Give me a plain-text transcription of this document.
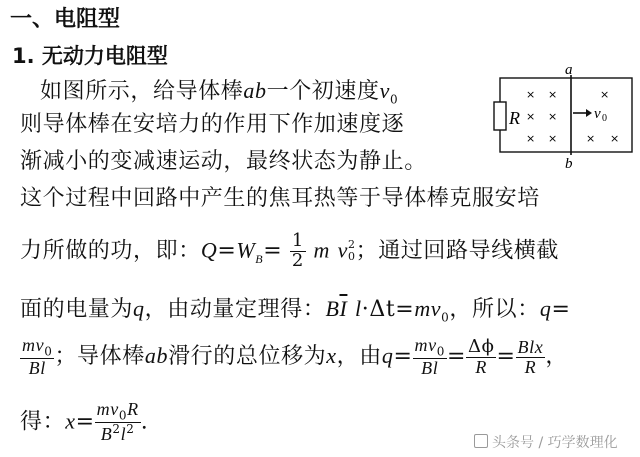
一、电阻型
1. 无动力电阻型
R
a
b
× ×	×
× ×
× ×	× ×
v 0
如图所示，给导体棒ab一个初速度$v_0$
则导体棒在安培力的作用下作加速度逐
渐减小的变减速运动，最终状态为静止。
这个过程中回路中产生的焦耳热等于导体棒克服安培
力所做的功，即：$Q=W_B= \frac{1}{2}$ m v 2
0 ；通过回路导线横截
面的电量为q，由动量定理得：$B\overline{I}$ $l\cdot\Delta t=mv_0$，所以：q=
$\frac{mv_0}{Bl}$ ；导体棒ab滑行的总位移为x，由$q= \frac{mv_0}{Bl} = \frac{\Delta\phi}{R} = \frac{\text{Blx}}{R}$ ，
得：$x= \frac{mv_0R}{B^2l^2}$ .
头条号 / 巧学数理化
